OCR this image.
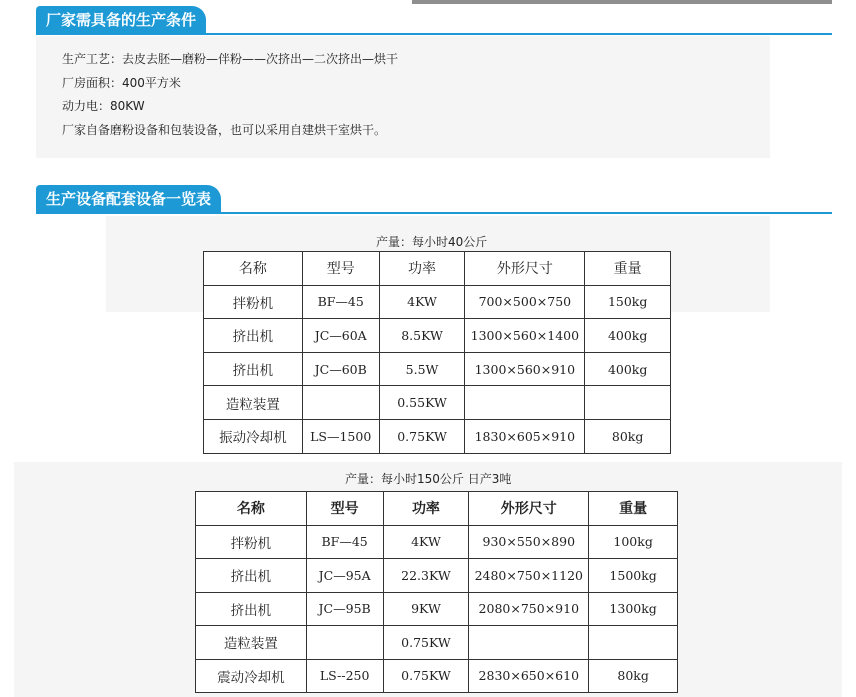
厂家需具备的生产条件
生产工艺：去皮去胚—磨粉—伴粉——次挤出—二次挤出—烘干
厂房面积：400平方米
动力电：80KW
厂家自备磨粉设备和包装设备，也可以采用自建烘干室烘干。
生产设备配套设备一览表
产量：每小时40公斤
名称	型号	功率	外形尺寸	重量
拌粉机	BF—45	4KW	700×500×750	150kg
挤出机	JC—60A	8.5KW	1300×560×1400	400kg
挤出机	JC—60B	5.5W	1300×560×910	400kg
造粒装置		0.55KW		
振动冷却机	LS—1500	0.75KW	1830×605×910	80kg
产量：每小时150公斤 日产3吨
名称	型号	功率	外形尺寸	重量
拌粉机	BF—45	4KW	930×550×890	100kg
挤出机	JC—95A	22.3KW	2480×750×1120	1500kg
挤出机	JC—95B	9KW	2080×750×910	1300kg
造粒装置		0.75KW		
震动冷却机	LS--250	0.75KW	2830×650×610	80kg
